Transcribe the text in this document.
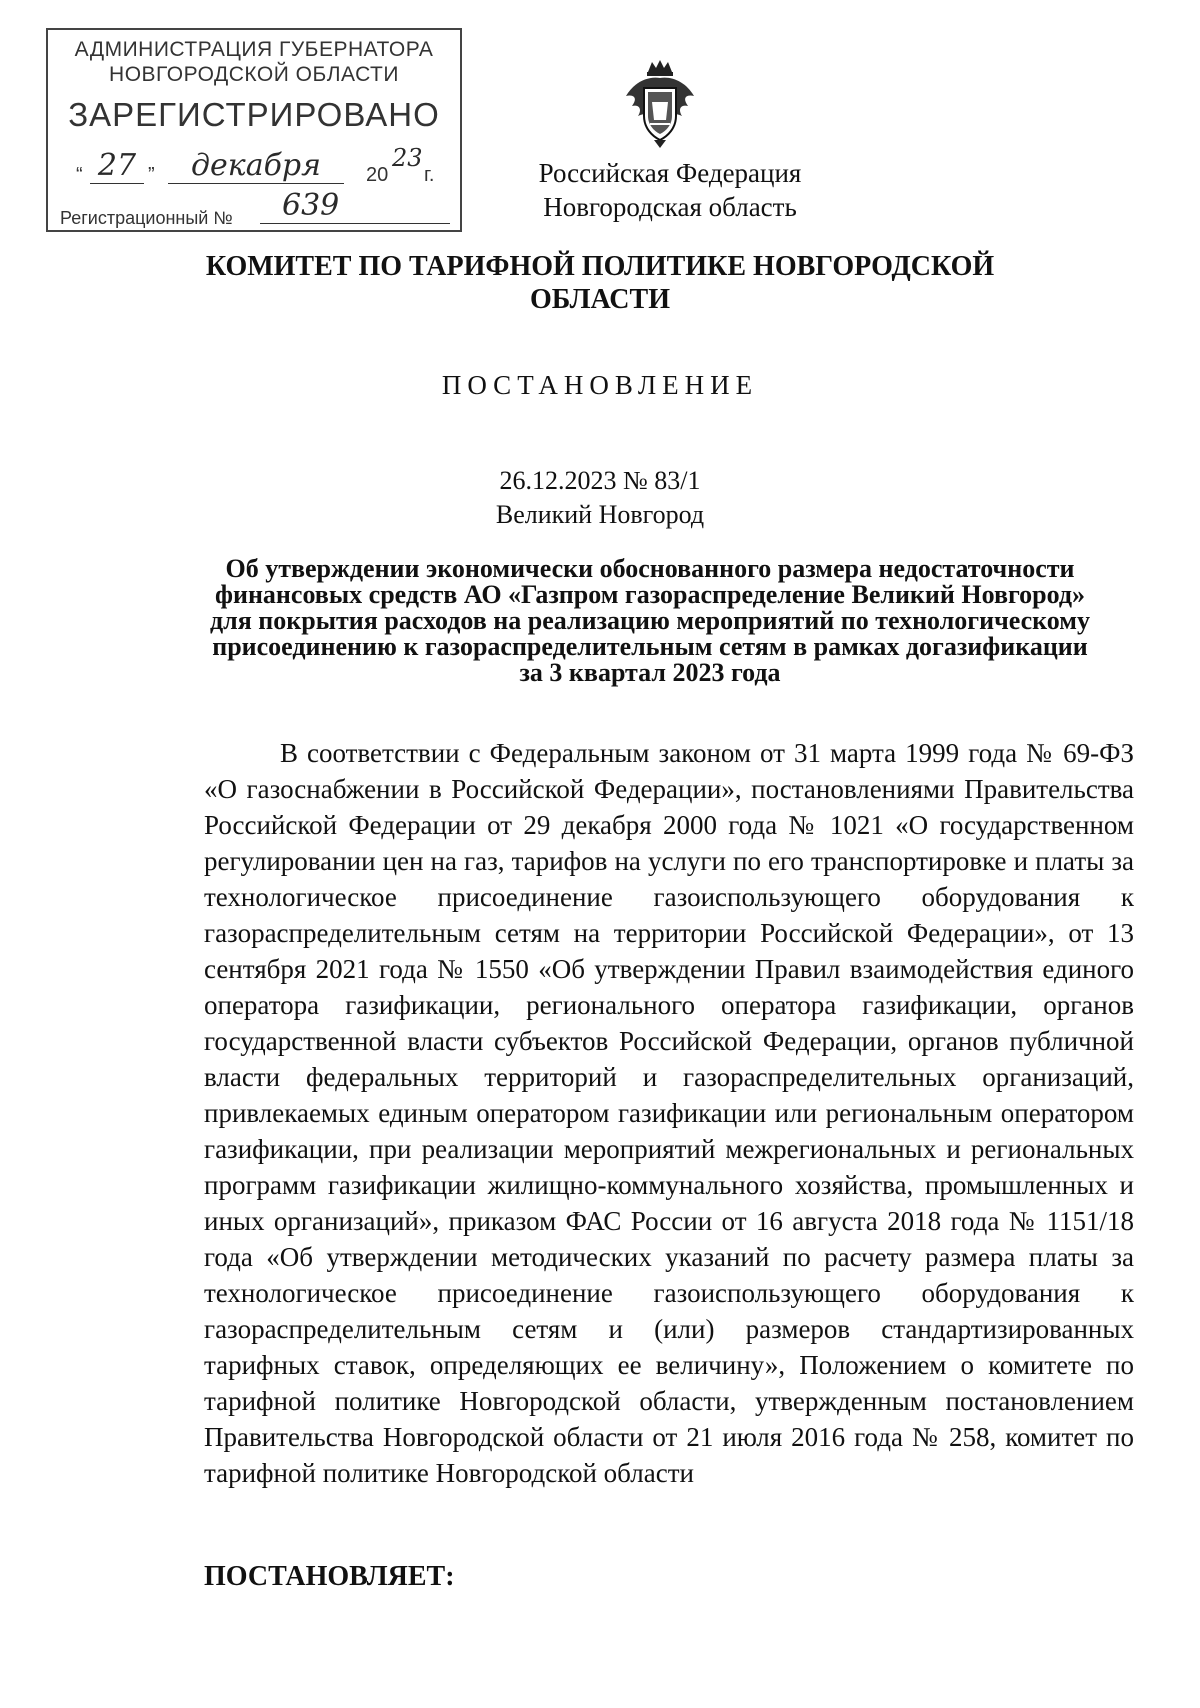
АДМИНИСТРАЦИЯ ГУБЕРНАТОРА
НОВГОРОДСКОЙ ОБЛАСТИ
ЗАРЕГИСТРИРОВАНО
“ 27 ”	декабря	20
23
г.
Регистрационный №	639
Российская Федерация
Новгородская область
КОМИТЕТ ПО ТАРИФНОЙ ПОЛИТИКЕ НОВГОРОДСКОЙ ОБЛАСТИ
ПОСТАНОВЛЕНИЕ
26.12.2023 № 83/1
Великий Новгород
Об утверждении экономически обоснованного размера недостаточности финансовых средств АО «Газпром газораспределение Великий Новгород» для покрытия расходов на реализацию мероприятий по технологическому присоединению к газораспределительным сетям в рамках догазификации за 3 квартал 2023 года

В соответствии с Федеральным законом от 31 марта 1999 года № 69-ФЗ «О газоснабжении в Российской Федерации», постановлениями Правительства Российской Федерации от 29 декабря 2000 года № 1021 «О государственном регулировании цен на газ, тарифов на услуги по его транспортировке и платы за технологическое присоединение газоиспользующего оборудования к газораспределительным сетям на территории Российской Федерации», от 13 сентября 2021 года № 1550 «Об утверждении Правил взаимодействия единого оператора газификации, регионального оператора газификации, органов государственной власти субъектов Российской Федерации, органов публичной власти федеральных территорий и газораспределительных организаций, привлекаемых единым оператором газификации или региональным оператором газификации, при реализации мероприятий межрегиональных и региональных программ газификации жилищно-коммунального хозяйства, промышленных и иных организаций», приказом ФАС России от 16 августа 2018 года № 1151/18 года «Об утверждении методических указаний по расчету размера платы за технологическое присоединение газоиспользующего оборудования к газораспределительным сетям и (или) размеров стандартизированных тарифных ставок, определяющих ее величину», Положением о комитете по тарифной политике Новгородской области, утвержденным постановлением Правительства Новгородской области от 21 июля 2016 года № 258, комитет по тарифной политике Новгородской области

ПОСТАНОВЛЯЕТ:
